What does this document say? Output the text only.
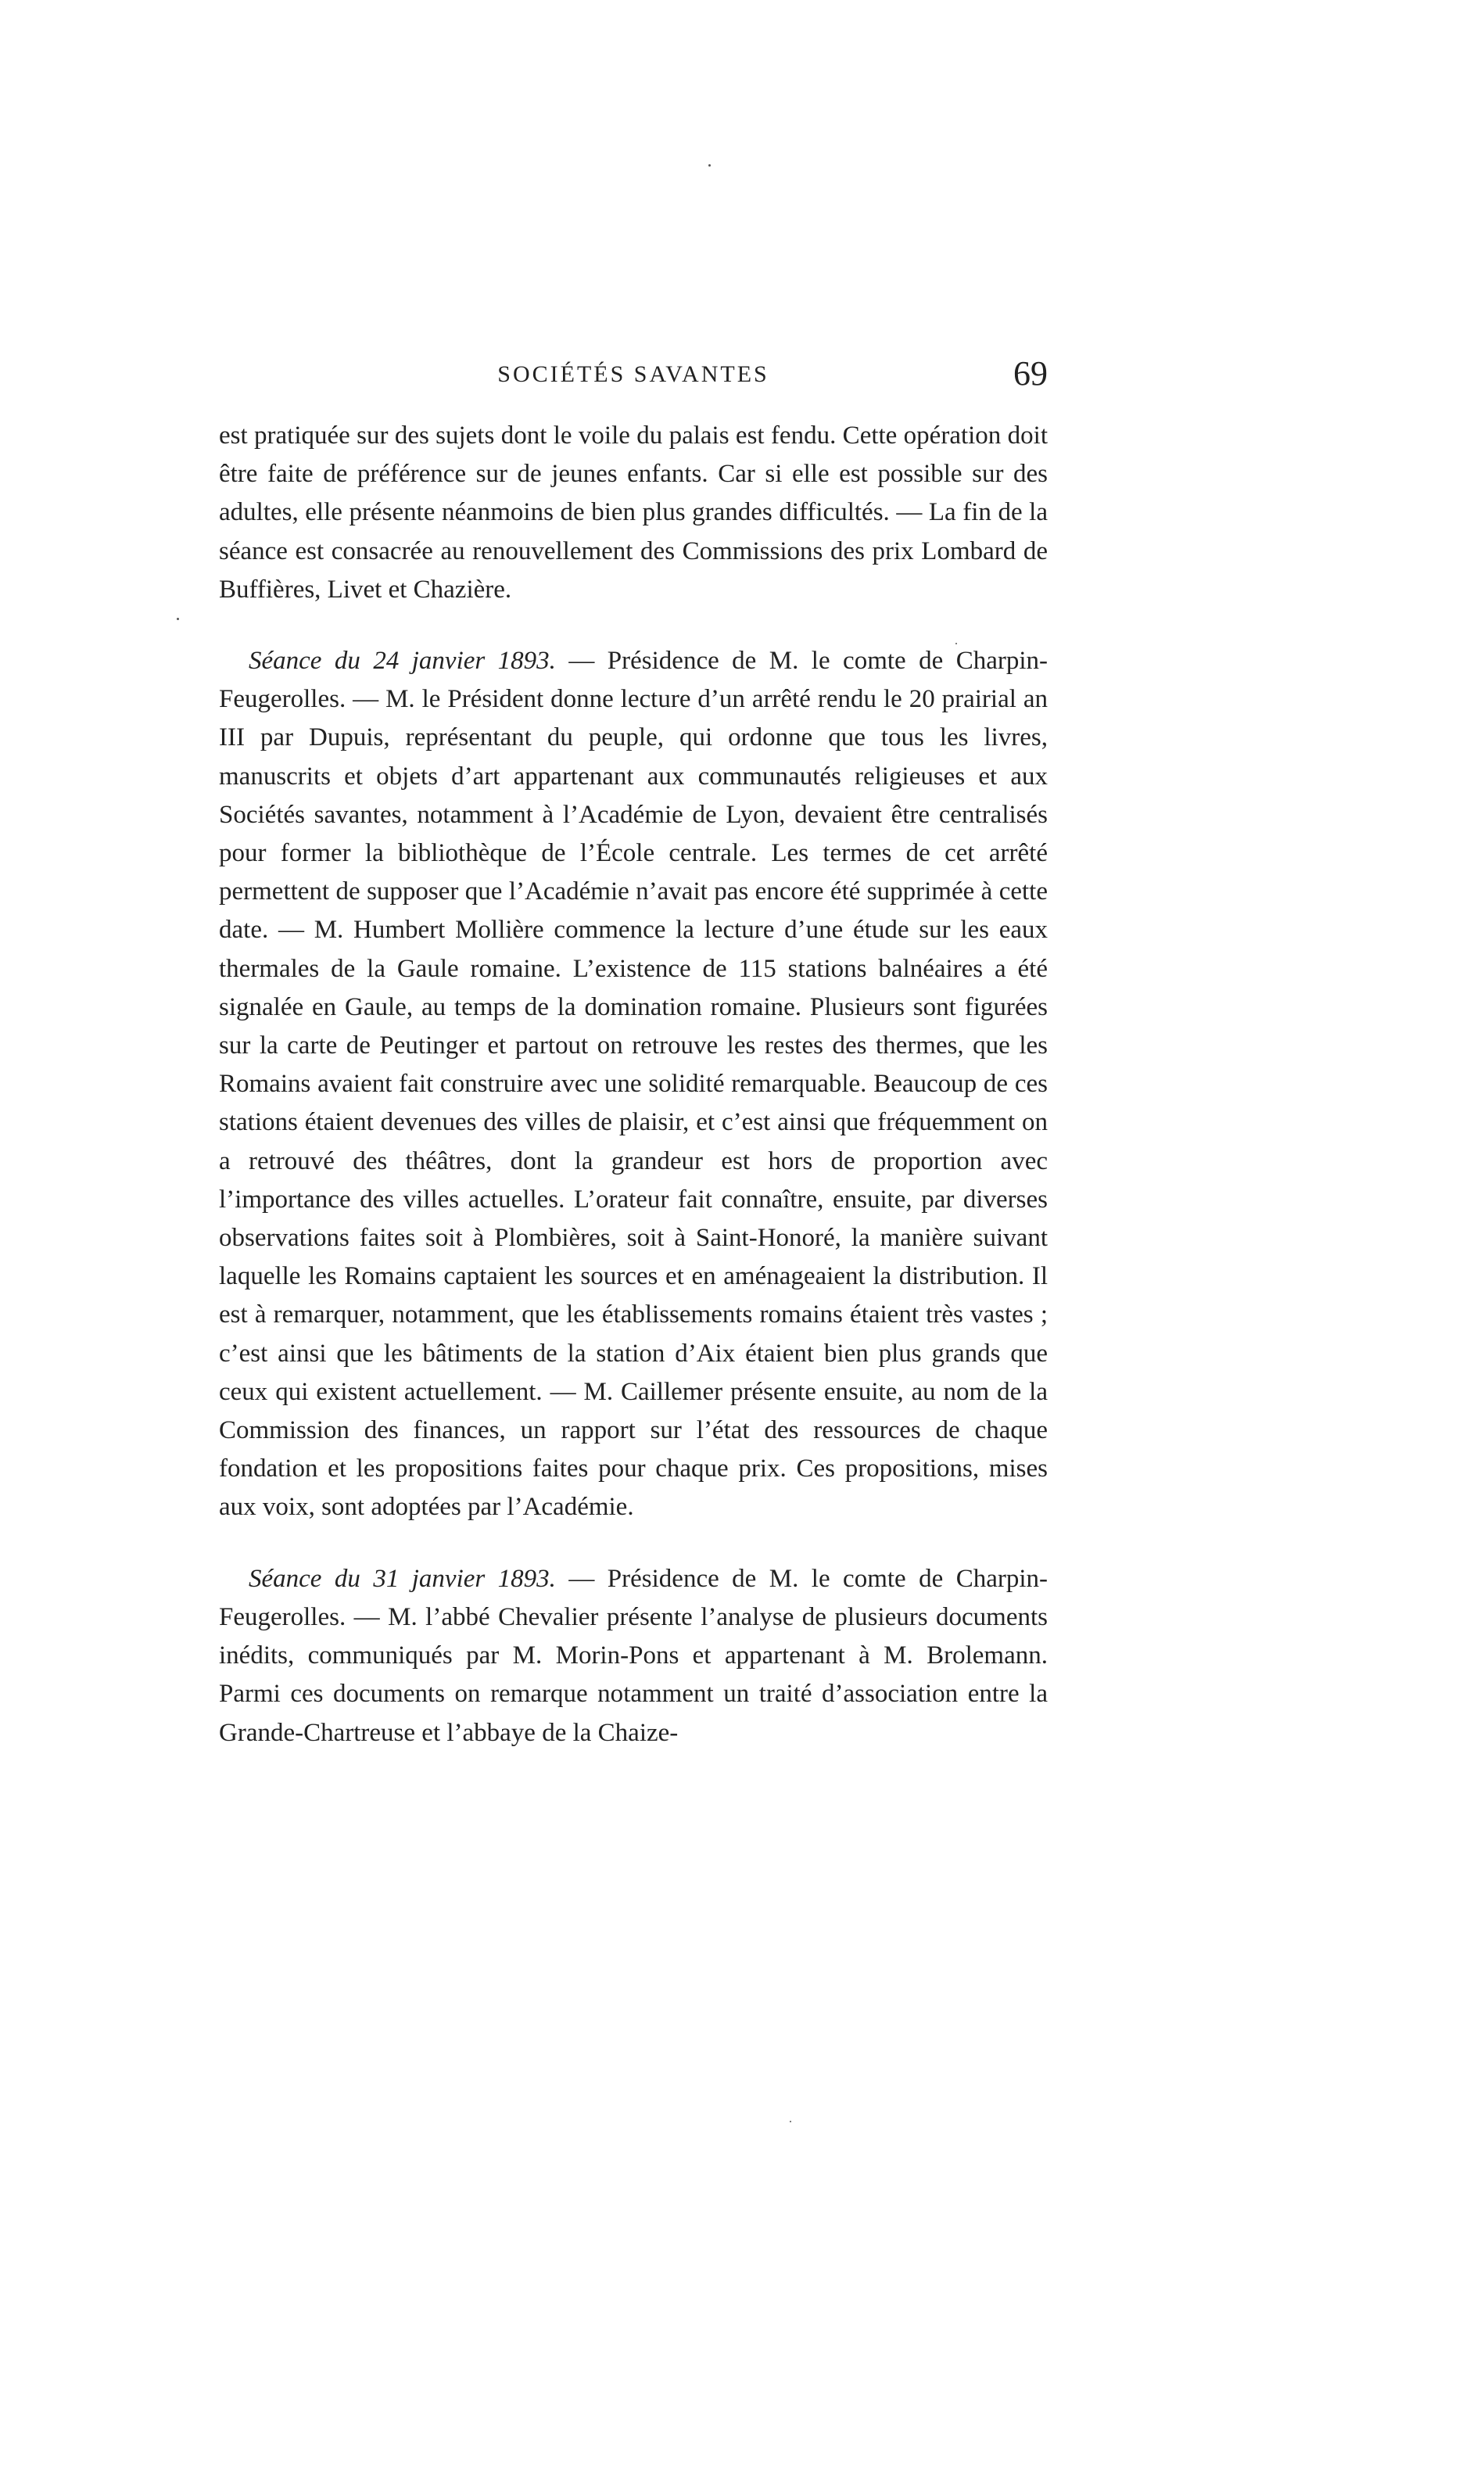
SOCIÉTÉS SAVANTES	69

est pratiquée sur des sujets dont le voile du palais est fendu. Cette opération doit être faite de préférence sur de jeunes enfants. Car si elle est possible sur des adultes, elle présente néanmoins de bien plus grandes difficultés. — La fin de la séance est consacrée au renouvellement des Commissions des prix Lombard de Buffières, Livet et Chazière.

Séance du 24 janvier 1893. — Présidence de M. le comte de Charpin-Feugerolles. — M. le Président donne lecture d’un arrêté rendu le 20 prairial an III par Dupuis, représentant du peuple, qui ordonne que tous les livres, manuscrits et objets d’art appartenant aux communautés religieuses et aux Sociétés savantes, notamment à l’Académie de Lyon, devaient être centralisés pour former la bibliothèque de l’École centrale. Les termes de cet arrêté permettent de supposer que l’Académie n’avait pas encore été supprimée à cette date. — M. Humbert Mollière commence la lecture d’une étude sur les eaux thermales de la Gaule romaine. L’existence de 115 stations balnéaires a été signalée en Gaule, au temps de la domination romaine. Plusieurs sont figurées sur la carte de Peutinger et partout on retrouve les restes des thermes, que les Romains avaient fait construire avec une solidité remarquable. Beaucoup de ces stations étaient devenues des villes de plaisir, et c’est ainsi que fréquemment on a retrouvé des théâtres, dont la grandeur est hors de proportion avec l’importance des villes actuelles. L’orateur fait connaître, ensuite, par diverses observations faites soit à Plombières, soit à Saint-Honoré, la manière suivant laquelle les Romains captaient les sources et en aménageaient la distribution. Il est à remarquer, notamment, que les établissements romains étaient très vastes ; c’est ainsi que les bâtiments de la station d’Aix étaient bien plus grands que ceux qui existent actuellement. — M. Caillemer présente ensuite, au nom de la Commission des finances, un rapport sur l’état des ressources de chaque fondation et les propositions faites pour chaque prix. Ces propositions, mises aux voix, sont adoptées par l’Académie.

Séance du 31 janvier 1893. — Présidence de M. le comte de Charpin-Feugerolles. — M. l’abbé Chevalier présente l’analyse de plusieurs documents inédits, communiqués par M. Morin-Pons et appartenant à M. Brolemann. Parmi ces documents on remarque notamment un traité d’association entre la Grande-Chartreuse et l’abbaye de la Chaize-
